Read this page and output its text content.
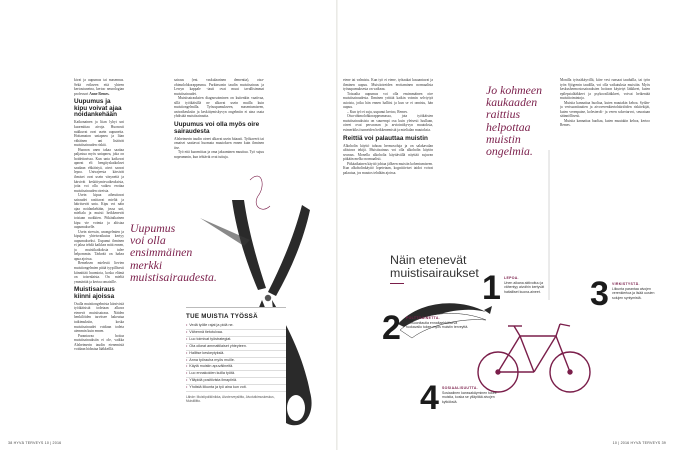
kivat ja uupumus tai masennus. Sekä erikseen että yhteen kertoutuneina, kertoo neurologian professori Anne Remes.

Uupumus ja kipu voivat ajaa noidankehään

Katkonainen ja liian lyhyt uni kuormittaa aivoja. Huonosti nukkuvat ovat usein uupuneita. Hoitamaton uniapnea ja liian vähäinen uni lisäävät muistisairauden riskiä.

Huonon unen takaa saattaa paljastua myös uniapnea, joka on hoidettavissa. Kun unta katkovat apneat eli hengityskatkokset saadaan ehkäistyä, aivot saavat lepoa. Univajeesta kärsivät ihmiset ovat usein väsyneitä ja kärsivät keskittymisvaikeuksista, joita voi olla vaikea erottaa muistisairauden oireista.

Usein kipua aiheuttavat sairaudet rasittavat mieltä ja häiritsevät unta. Kipu voi näin ajaa noidankehään, jossa uni, mieliala ja muisti heikkenevät toisiaan ruokkien. Pitkäaikainen kipu vie voimia ja altistaa uupumukselle.

Usein stressin, unongelmien ja kipujen yhteisvaikutus kertyy uupumukseksi. Uupunut ihminen ei jaksa tehdä kaikkea mitä ennen, ja muistikatkoksia tulee helpommin. Tärkeää on hakea apua ajoissa.

Remeksen mielestä lievien muistiongelmien pitää tyypillisesti kiinnittää huomiota, koska elämä on toisenlaista. On mieltä ymmärtää ja kertoa omaisille.

Muistisairaus kiinni ajoissa

Osalla muistiongelmista kärsivistä työikäisistä todetaan alkava etenevä muistisairaus. Näiden henkilöiden tarvitsee hakeutua tutkimuksiin, koska muistisairaudet voidaan todeta aiemmin kuin ennen.

Parantavaa hoitoa muistisairauksiin ei ole, vaikka Alzheimerin taudin etenemistä voidaan hidastaa lääkkeillä.

sairaus (ent. vaskulaarinen dementia), otsa-ohimolohkorappeuma. Parkinsonin taudin muistisairaus ja Lewyn kappale -tauti ovat muut tavallisimmat muistisairaudet.

Muistisairauksien diagnosoiminen on kuitenkin vaativaa, sillä työikäisillä ne alkavat usein muilla kuin muistiongelmilla. Työuupumukseen, masentumiseen, univaikeuksiin ja keskittymiskyvyn ongelmiin ei aina osata yhdistää muistisairautta.

Uupumus voi olla myös oire sairaudesta

Alzheimerin taudin oireet alkavat usein hitaasti. Työkaverit tai omaiset saattavat huomata muutoksen ennen kuin ihminen itse.

Työ että kuormittaa ja oma jaksaminen muuttuu. Työ sujuu nopeammin, kun tehtävät ovat tuttuja.

Uupumus voi olla ensimmäinen merkki muistisairaudesta.
TUE MUISTIA TYÖSSÄ
• Vedä työlle rajat ja pidä ne.
• Vähennä tietotulvaa.
• Luo toimivat työstrategiat.
• Ota oikeat ammattilaiset yhteyteen.
• Hallitse keskeytyksiä.
• Anna työrauha myös muille.
• Käytä muistin apuvälineitä.
• Luo ennakoiden kuilla työtä.
• Ylläpidä positiivista ilmapiiriä.
• Yhdistä liikunta ja työ aina kun voit.
Lähde: Muistipoliklinikka, Aivoterveysliitto, Aivotutkimuskeskus, Muistiliitto.
38 HYVÄ TERVEYS 10 | 2016

etene tai valmistu. Kun työ ei etene, työtaakat kasaantuvat ja ihminen uupuu. Muistioireiden erottaminen normaalista työuupumuksesta on vaikeaa.

Toisaalta uupumus voi olla ensimmäinen oire muistisairaudesta. Ihminen yrittää kaikin voimin selviytyä asioista, jotka hän ennen hallitsi ja kun se ei onnistu, hän uupuu.

– Kun työ ei suju, uupunut kertoo, Remes.

Otsa-ohimolohkorappeumassa, jota työikäisten muistisairauksista on suurempi osa kuin yleisesti luullaan, oireet ovat persoonan ja arviointikyvyn muutoksia, esimerkiksi tunneiden heikkenemistä ja mielialan muutoksia.

Reittiä voi palauttaa muistin

Alkoholin käyttö tuhoaa hermosoluja ja on salakavalan altistava tekijä. Muistisairaus voi olla alkoholin käytön seuraus. Monella alkoholia käyttävällä näyttää sujuvan pitkään melko normaalisti.

Pitkäaikainen käyttö johtaa jälkeen muistin kohentumiseen. Kun alkoholinkäyttö lopetetaan, kognitiiviset taidot voivat palautua, jos muutos tehdään ajoissa.

Jo kohmeen kaukaaden raittius helpottaa muistin ongelmia.

Monilla työssäkäyvillä, kiire vesi runsaat tauduilla, tai työn työn Sjögrenin taudilla, voi olla vaikutuksia muistiin. Myös keskushermostosairauksien hoitoon käytetyt lääkkeet, kuten epilepsialääkkeet ja psykoosilääkkeet, voivat heikentää muistitoimintoja.

Muistia kannattaa huoltaa, kuten muutakin kehoa. Sydän- ja verisuonitautien ja aivoverenkiertohäiriöiden riskitekijät, kuten verenpaine, kolesteroli- ja veren sokeriarvot, seurataan säännöllisesti.

Muistia kannattaa huoltaa, kuten muutakin kehoa, kertoo Remes.

Näin etenevät muistisairaukset 1 LEPOA.
Unen aikana aktivoituu ja vähentyy aivoihin kertyvät haitalliset kuona-aineet.
2 POLTTOAINETTA.
Verisuonitautia ennaltaehkäisevä ruokavalio tukee myös muistin terveyttä.
3 VIRKISTYSTÄ.
Liikunta parantaa aivojen verenkiertoa ja lisää uusien solujen syntymistä.
4 SOSIAALISUUTTA.
Sosiaalinen kanssakäyminen tukee muistia, koska se ylläpitää aivojen kytköksiä.
10 | 2016 HYVÄ TERVEYS 39
